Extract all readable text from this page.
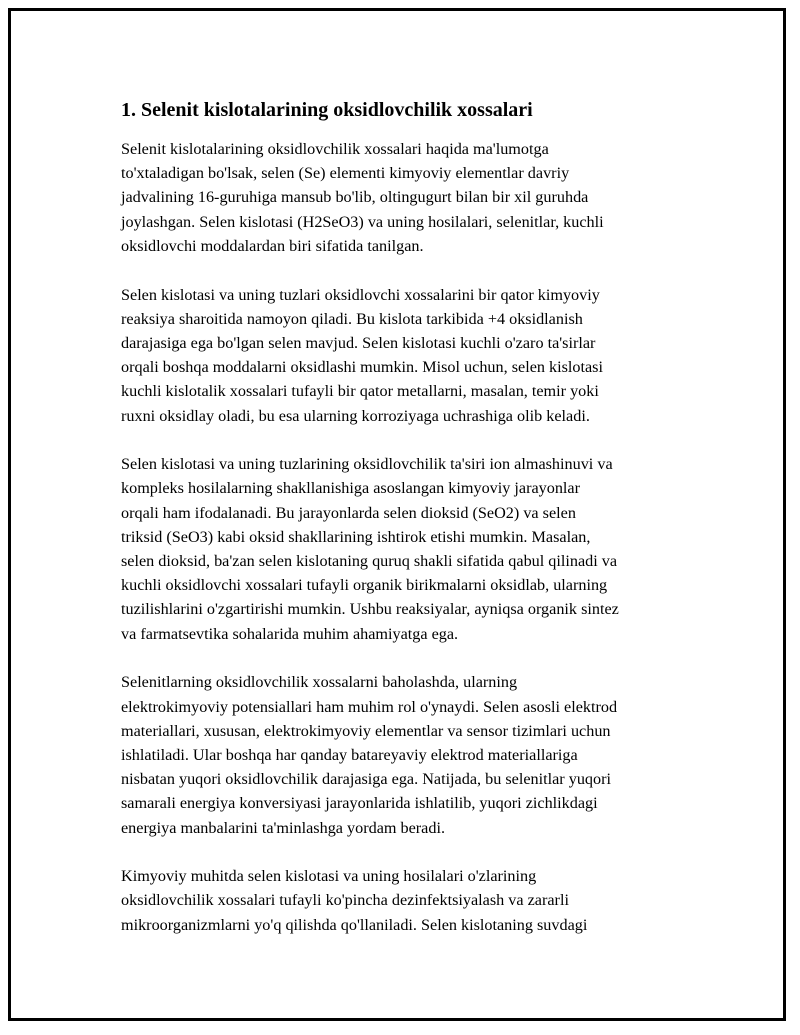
1. Selenit kislotalarining oksidlovchilik xossalari

Selenit kislotalarining oksidlovchilik xossalari haqida ma'lumotga
to'xtaladigan bo'lsak, selen (Se) elementi kimyoviy elementlar davriy
jadvalining 16-guruhiga mansub bo'lib, oltingugurt bilan bir xil guruhda
joylashgan. Selen kislotasi (H2SeO3) va uning hosilalari, selenitlar, kuchli
oksidlovchi moddalardan biri sifatida tanilgan.

Selen kislotasi va uning tuzlari oksidlovchi xossalarini bir qator kimyoviy
reaksiya sharoitida namoyon qiladi. Bu kislota tarkibida +4 oksidlanish
darajasiga ega bo'lgan selen mavjud. Selen kislotasi kuchli o'zaro ta'sirlar
orqali boshqa moddalarni oksidlashi mumkin. Misol uchun, selen kislotasi
kuchli kislotalik xossalari tufayli bir qator metallarni, masalan, temir yoki
ruxni oksidlay oladi, bu esa ularning korroziyaga uchrashiga olib keladi.

Selen kislotasi va uning tuzlarining oksidlovchilik ta'siri ion almashinuvi va
kompleks hosilalarning shakllanishiga asoslangan kimyoviy jarayonlar
orqali ham ifodalanadi. Bu jarayonlarda selen dioksid (SeO2) va selen
triksid (SeO3) kabi oksid shakllarining ishtirok etishi mumkin. Masalan,
selen dioksid, ba'zan selen kislotaning quruq shakli sifatida qabul qilinadi va
kuchli oksidlovchi xossalari tufayli organik birikmalarni oksidlab, ularning
tuzilishlarini o'zgartirishi mumkin. Ushbu reaksiyalar, ayniqsa organik sintez
va farmatsevtika sohalarida muhim ahamiyatga ega.

Selenitlarning oksidlovchilik xossalarni baholashda, ularning
elektrokimyoviy potensiallari ham muhim rol o'ynaydi. Selen asosli elektrod
materiallari, xususan, elektrokimyoviy elementlar va sensor tizimlari uchun
ishlatiladi. Ular boshqa har qanday batareyaviy elektrod materiallariga
nisbatan yuqori oksidlovchilik darajasiga ega. Natijada, bu selenitlar yuqori
samarali energiya konversiyasi jarayonlarida ishlatilib, yuqori zichlikdagi
energiya manbalarini ta'minlashga yordam beradi.

Kimyoviy muhitda selen kislotasi va uning hosilalari o'zlarining
oksidlovchilik xossalari tufayli ko'pincha dezinfektsiyalash va zararli
mikroorganizmlarni yo'q qilishda qo'llaniladi. Selen kislotaning suvdagi
